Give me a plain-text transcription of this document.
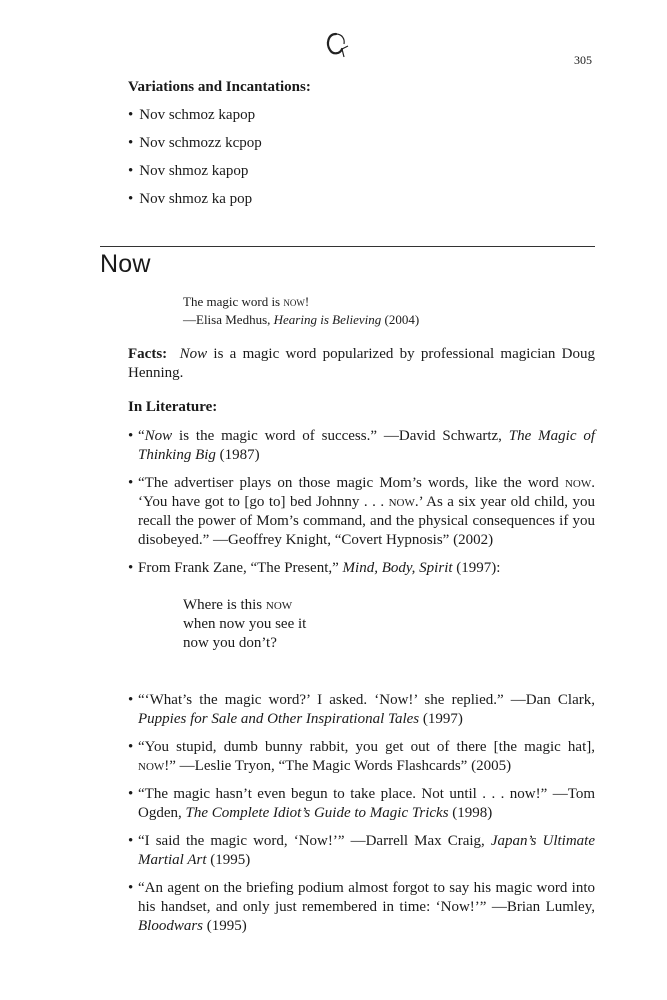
305
Variations and Incantations:
• Nov schmoz kapop
• Nov schmozz kcpop
• Nov shmoz kapop
• Nov shmoz ka pop
Now
The magic word is now!
—Elisa Medhus, Hearing is Believing (2004)

Facts: Now is a magic word popularized by professional magician Doug Henning.

In Literature:
• “Now is the magic word of success.” —David Schwartz, The Magic of Thinking Big (1987)
• “The advertiser plays on those magic Mom’s words, like the word now. ‘You have got to [go to] bed Johnny . . . now.’ As a six year old child, you recall the power of Mom’s command, and the physical consequences if you disobeyed.” —Geoffrey Knight, “Covert Hypnosis” (2002)
• From Frank Zane, “The Present,” Mind, Body, Spirit (1997):
Where is this now
when now you see it
now you don’t?
• “‘What’s the magic word?’ I asked. ‘Now!’ she replied.” —Dan Clark, Puppies for Sale and Other Inspirational Tales (1997)
• “You stupid, dumb bunny rabbit, you get out of there [the magic hat], now!” —Leslie Tryon, “The Magic Words Flashcards” (2005)
• “The magic hasn’t even begun to take place. Not until . . . now!” —Tom Ogden, The Complete Idiot’s Guide to Magic Tricks (1998)
• “I said the magic word, ‘Now!’” —Darrell Max Craig, Japan’s Ultimate Martial Art (1995)
• “An agent on the briefing podium almost forgot to say his magic word into his handset, and only just remembered in time: ‘Now!’” —Brian Lumley, Bloodwars (1995)
